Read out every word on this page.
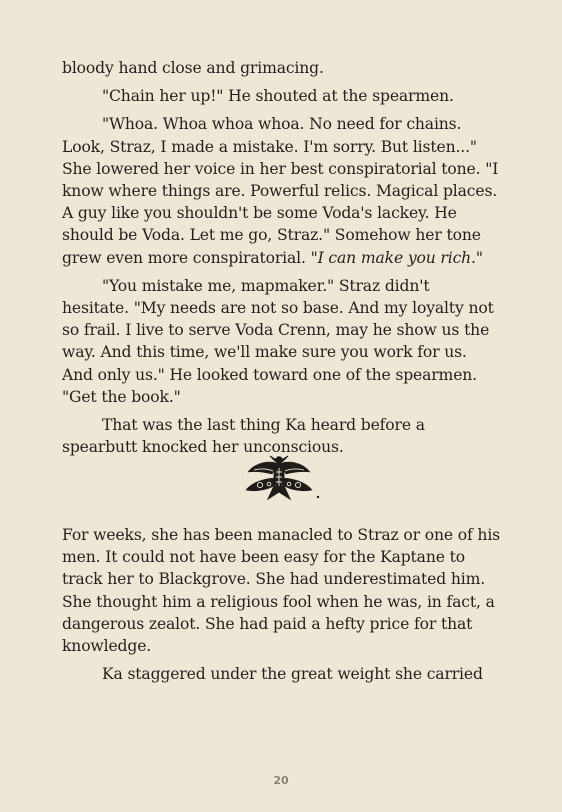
bloody hand close and grimacing.

"Chain her up!" He shouted at the spearmen.

"Whoa. Whoa whoa whoa. No need for chains. Look, Straz, I made a mistake. I'm sorry. But listen..." She lowered her voice in her best conspiratorial tone. "I know where things are. Powerful relics. Magical places. A guy like you shouldn't be some Voda's lackey. He should be Voda. Let me go, Straz." Somehow her tone grew even more conspiratorial. "I can make you rich."

"You mistake me, mapmaker." Straz didn't hesitate. "My needs are not so base. And my loyalty not so frail. I live to serve Voda Crenn, may he show us the way. And this time, we'll make sure you work for us. And only us." He looked toward one of the spearmen. "Get the book."

That was the last thing Ka heard before a spearbutt knocked her unconscious.

For weeks, she has been manacled to Straz or one of his men. It could not have been easy for the Kaptane to track her to Blackgrove. She had underestimated him. She thought him a religious fool when he was, in fact, a dangerous zealot. She had paid a hefty price for that knowledge.

Ka staggered under the great weight she carried

20
